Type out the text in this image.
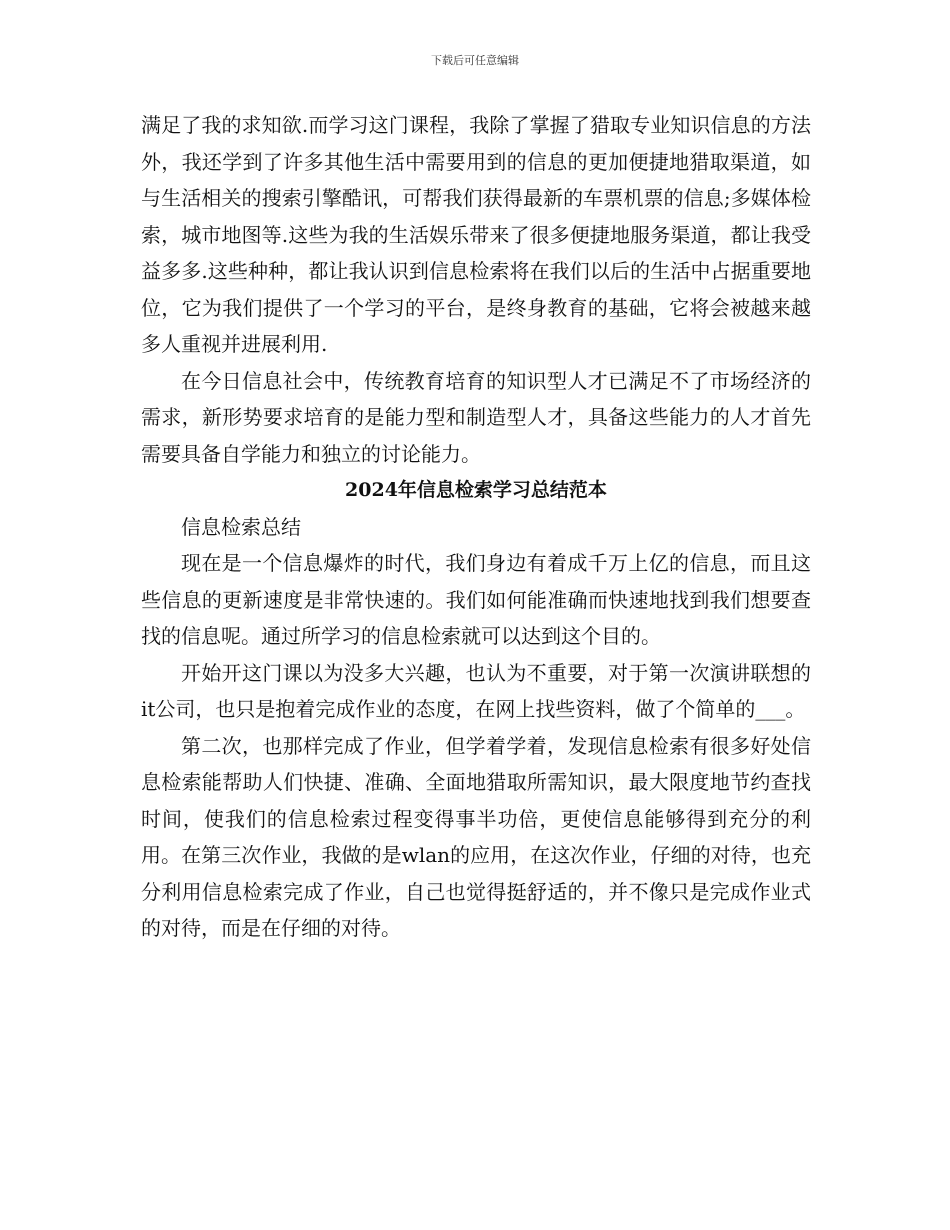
下载后可任意编辑

满足了我的求知欲.而学习这门课程，我除了掌握了猎取专业知识信息的方法外，我还学到了许多其他生活中需要用到的信息的更加便捷地猎取渠道，如与生活相关的搜索引擎酷讯，可帮我们获得最新的车票机票的信息;多媒体检索，城市地图等.这些为我的生活娱乐带来了很多便捷地服务渠道，都让我受益多多.这些种种，都让我认识到信息检索将在我们以后的生活中占据重要地位，它为我们提供了一个学习的平台，是终身教育的基础，它将会被越来越多人重视并进展利用.

在今日信息社会中，传统教育培育的知识型人才已满足不了市场经济的需求，新形势要求培育的是能力型和制造型人才，具备这些能力的人才首先需要具备自学能力和独立的讨论能力。

2024年信息检索学习总结范本

信息检索总结

现在是一个信息爆炸的时代，我们身边有着成千万上亿的信息，而且这些信息的更新速度是非常快速的。我们如何能准确而快速地找到我们想要查找的信息呢。通过所学习的信息检索就可以达到这个目的。

开始开这门课以为没多大兴趣，也认为不重要，对于第一次演讲联想的it公司，也只是抱着完成作业的态度，在网上找些资料，做了个简单的___。

第二次，也那样完成了作业，但学着学着，发现信息检索有很多好处信息检索能帮助人们快捷、准确、全面地猎取所需知识，最大限度地节约查找时间，使我们的信息检索过程变得事半功倍，更使信息能够得到充分的利用。在第三次作业，我做的是wlan的应用，在这次作业，仔细的对待，也充分利用信息检索完成了作业，自己也觉得挺舒适的，并不像只是完成作业式的对待，而是在仔细的对待。
